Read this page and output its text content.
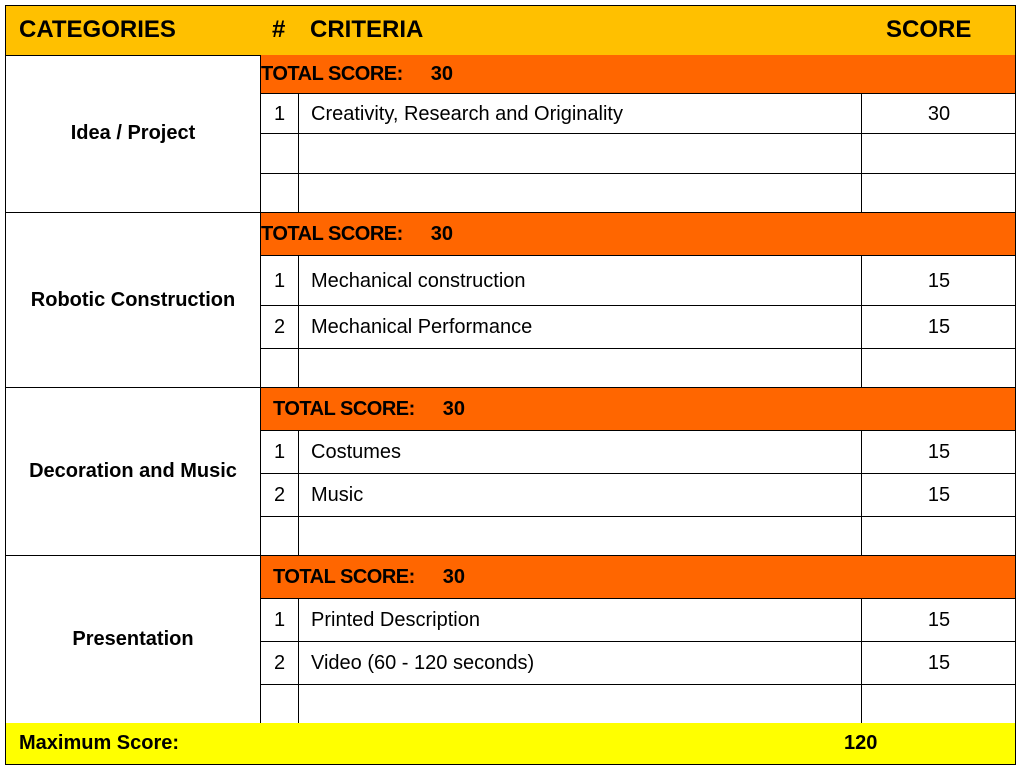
CATEGORIES	# CRITERIA	SCORE
Idea / Project
TOTAL SCORE: 30
1	Creativity, Research and Originality	30
Robotic Construction
TOTAL SCORE: 30
1	Mechanical construction	15
2	Mechanical Performance	15
Decoration and Music
TOTAL SCORE: 30
1	Costumes	15
2	Music	15
Presentation
TOTAL SCORE: 30
1	Printed Description	15
2	Video (60 - 120 seconds)	15
Maximum Score:	120
